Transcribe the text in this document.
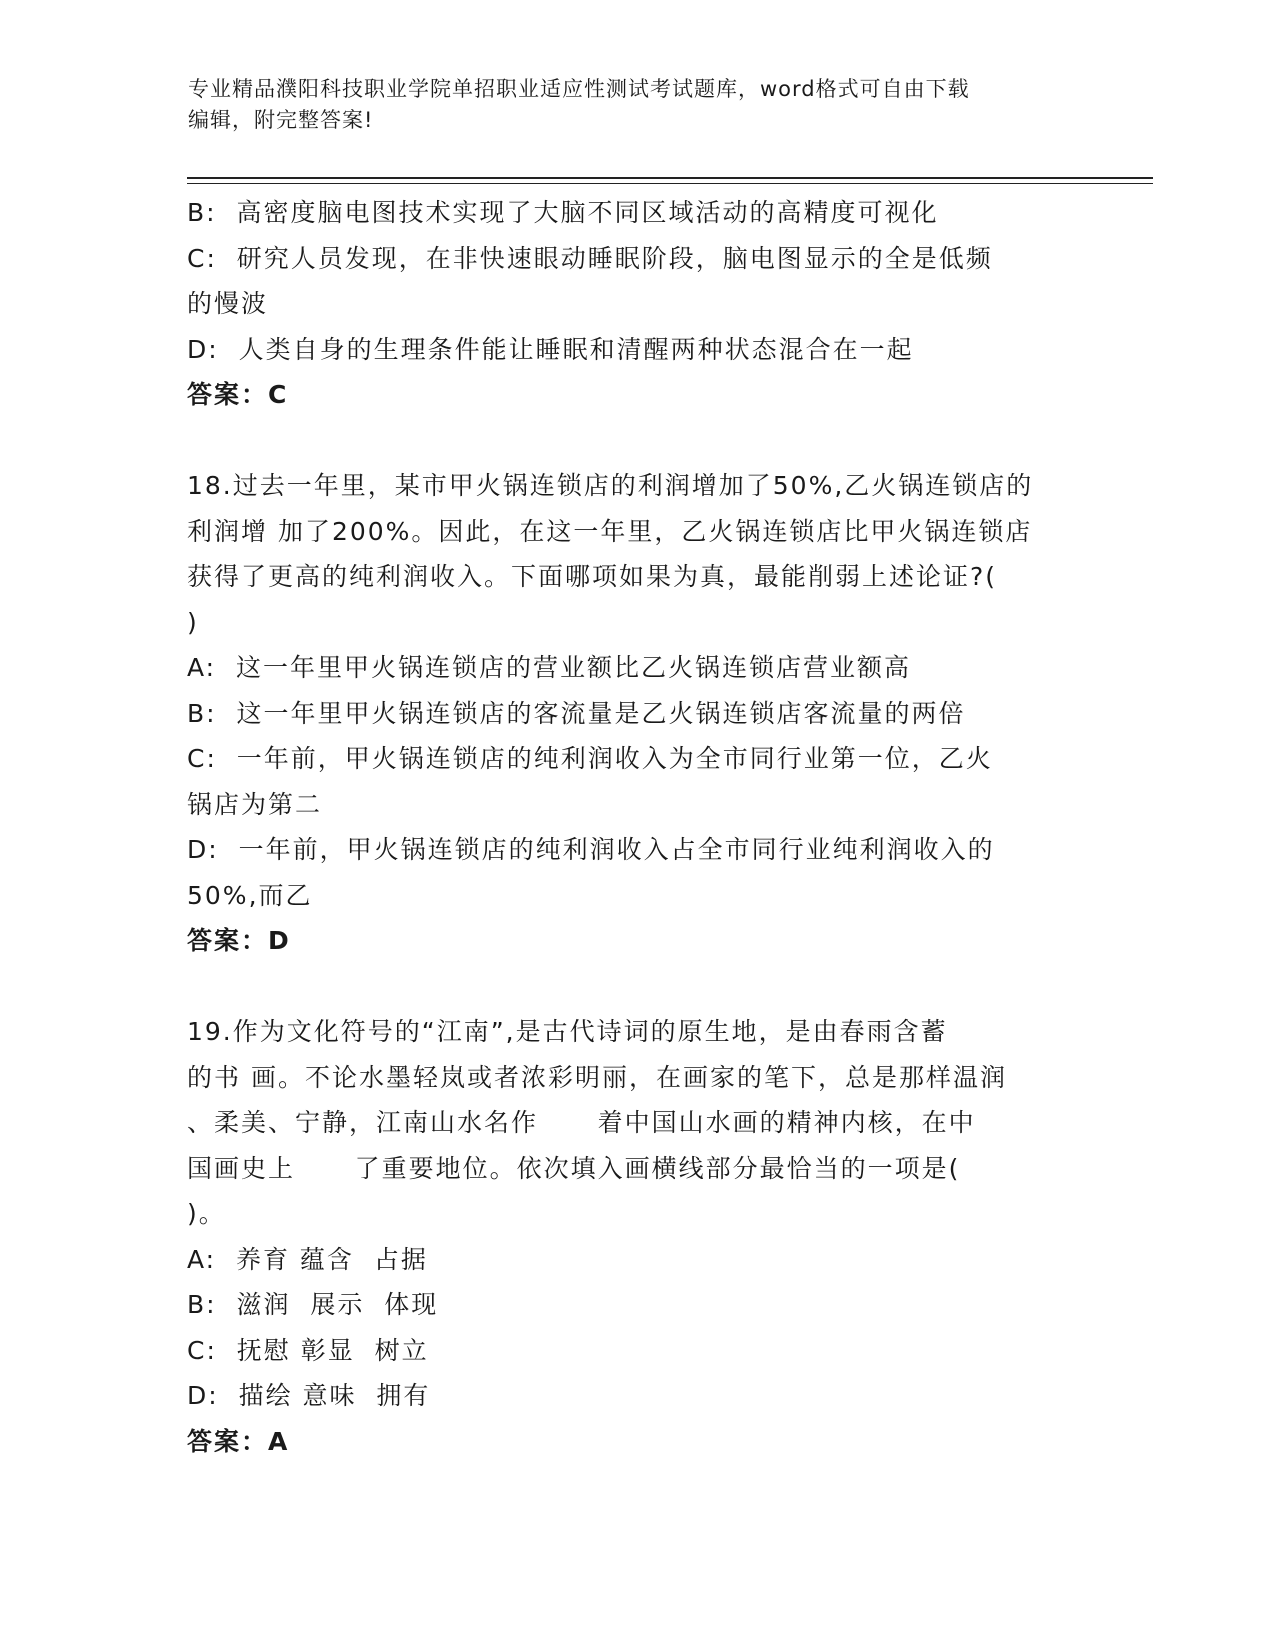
专业精品濮阳科技职业学院单招职业适应性测试考试题库，word格式可自由下载
编辑，附完整答案!
B:  高密度脑电图技术实现了大脑不同区域活动的高精度可视化
C:  研究人员发现，在非快速眼动睡眠阶段，脑电图显示的全是低频
的慢波
D:  人类自身的生理条件能让睡眠和清醒两种状态混合在一起
答案：C
18.过去一年里，某市甲火锅连锁店的利润增加了50%,乙火锅连锁店的
利润增 加了200%。因此，在这一年里，乙火锅连锁店比甲火锅连锁店
获得了更高的纯利润收入。下面哪项如果为真，最能削弱上述论证?(
)
A:  这一年里甲火锅连锁店的营业额比乙火锅连锁店营业额高
B:  这一年里甲火锅连锁店的客流量是乙火锅连锁店客流量的两倍
C:  一年前，甲火锅连锁店的纯利润收入为全市同行业第一位，乙火
锅店为第二
D:  一年前，甲火锅连锁店的纯利润收入占全市同行业纯利润收入的
50%,而乙
答案：D
19.作为文化符号的“江南”,是古代诗词的原生地，是由春雨含蓄
的书 画。不论水墨轻岚或者浓彩明丽，在画家的笔下，总是那样温润
、柔美、宁静，江南山水名作      着中国山水画的精神内核，在中
国画史上      了重要地位。依次填入画横线部分最恰当的一项是(
)。
A:  养育 蕴含  占据
B:  滋润  展示  体现
C:  抚慰 彰显  树立
D:  描绘 意味  拥有
答案：A
